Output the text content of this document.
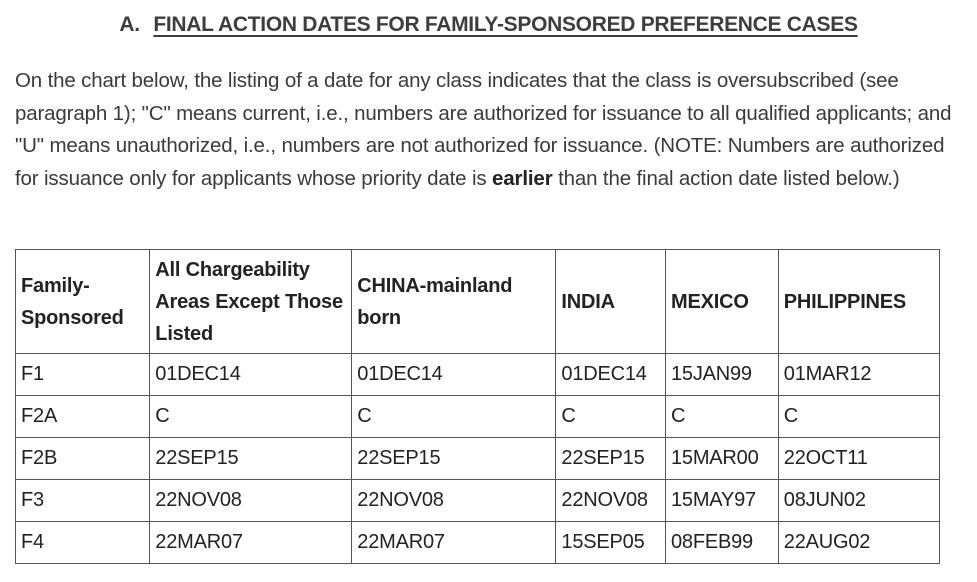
A. FINAL ACTION DATES FOR FAMILY-SPONSORED PREFERENCE CASES

On the chart below, the listing of a date for any class indicates that the class is oversubscribed (see paragraph 1); "C" means current, i.e., numbers are authorized for issuance to all qualified applicants; and "U" means unauthorized, i.e., numbers are not authorized for issuance. (NOTE: Numbers are authorized for issuance only for applicants whose priority date is earlier than the final action date listed below.)

Family-Sponsored	All Chargeability Areas Except Those Listed	CHINA-mainland born	INDIA	MEXICO	PHILIPPINES
F1	01DEC14	01DEC14	01DEC14	15JAN99	01MAR12
F2A	C	C	C	C	C
F2B	22SEP15	22SEP15	22SEP15	15MAR00	22OCT11
F3	22NOV08	22NOV08	22NOV08	15MAY97	08JUN02
F4	22MAR07	22MAR07	15SEP05	08FEB99	22AUG02
